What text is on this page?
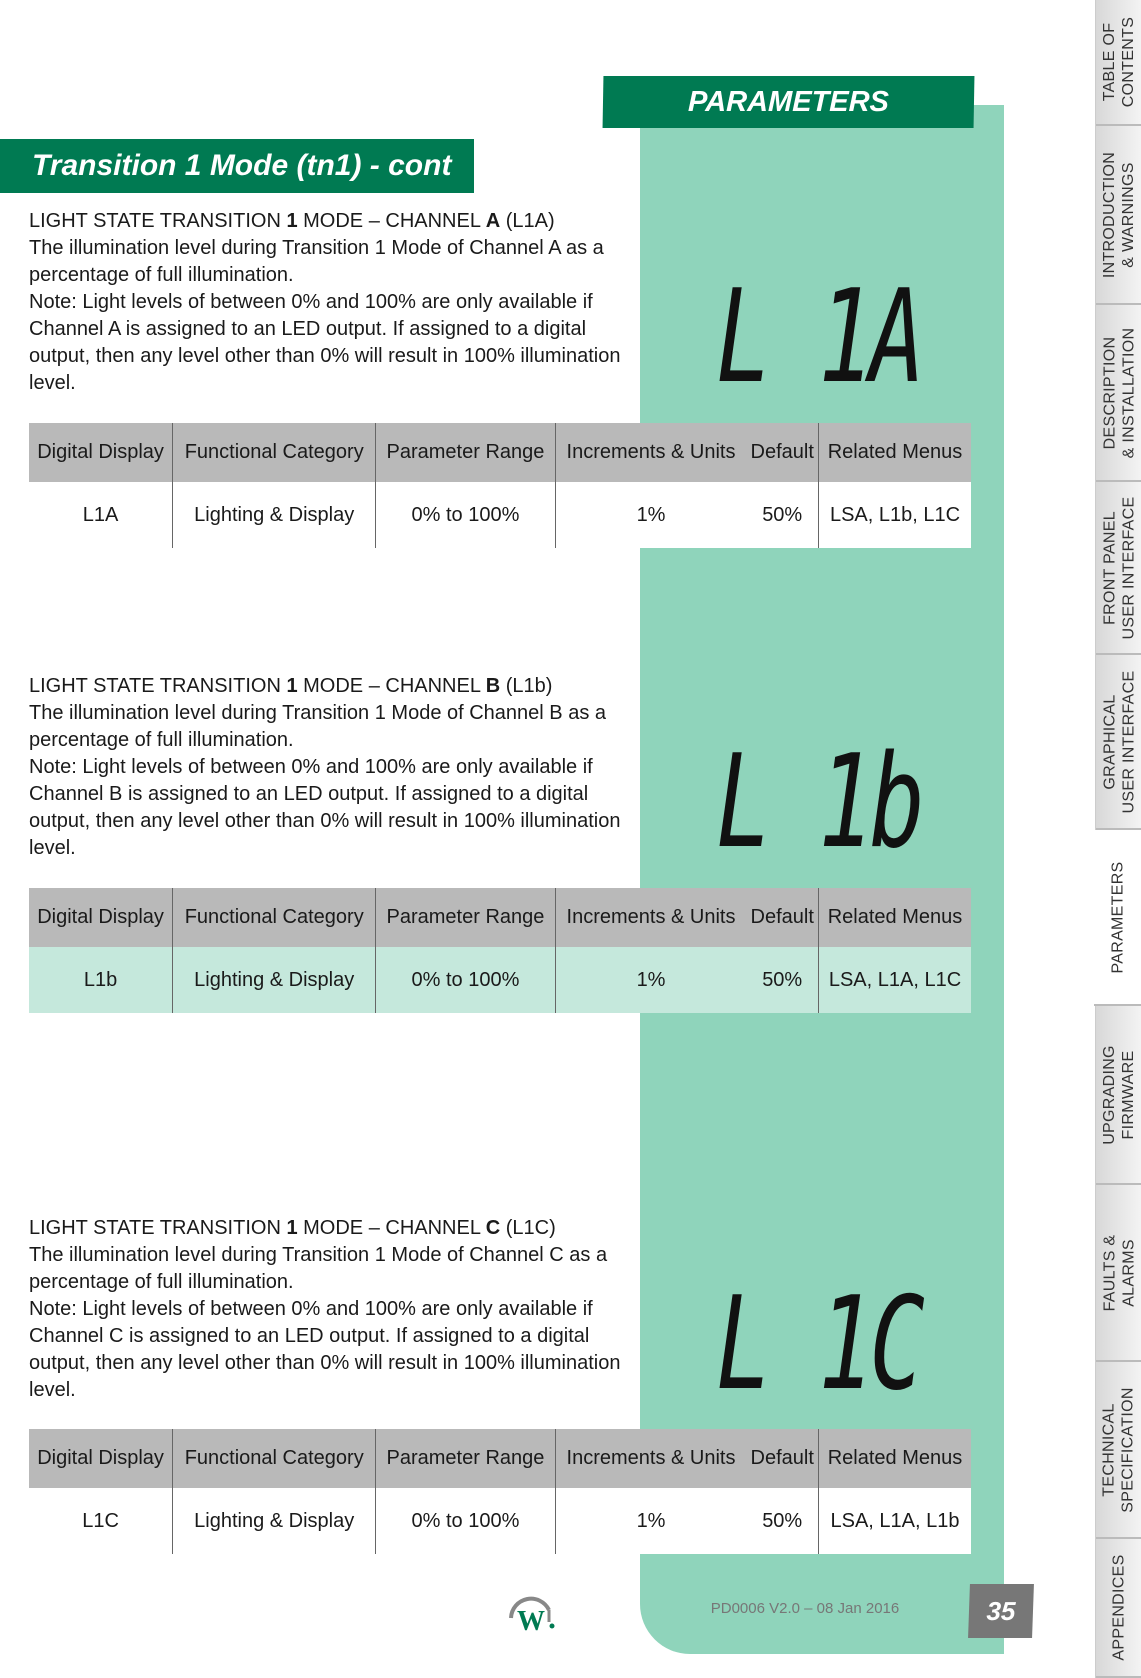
PARAMETERS
Transition 1 Mode (tn1) - cont
LIGHT STATE TRANSITION 1 MODE – CHANNEL A (L1A)
The illumination level during Transition 1 Mode of Channel A as a percentage of full illumination.
Note: Light levels of between 0% and 100% are only available if Channel A is assigned to an LED output. If assigned to a digital output, then any level other than 0% will result in 100% illumination level.	L 1A
Digital Display	Functional Category	Parameter Range	Increments & Units	Default	Related Menus
L1A	Lighting & Display	0% to 100%	1%	50%	LSA, L1b, L1C
LIGHT STATE TRANSITION 1 MODE – CHANNEL B (L1b)
The illumination level during Transition 1 Mode of Channel B as a percentage of full illumination.
Note: Light levels of between 0% and 100% are only available if Channel B is assigned to an LED output. If assigned to a digital output, then any level other than 0% will result in 100% illumination level.	L 1b
Digital Display	Functional Category	Parameter Range	Increments & Units	Default	Related Menus
L1b	Lighting & Display	0% to 100%	1%	50%	LSA, L1A, L1C
LIGHT STATE TRANSITION 1 MODE – CHANNEL C (L1C)
The illumination level during Transition 1 Mode of Channel C as a percentage of full illumination.
Note: Light levels of between 0% and 100% are only available if Channel C is assigned to an LED output. If assigned to a digital output, then any level other than 0% will result in 100% illumination level.	L 1C
Digital Display	Functional Category	Parameter Range	Increments & Units	Default	Related Menus
L1C	Lighting & Display	0% to 100%	1%	50%	LSA, L1A, L1b
W	PD0006 V2.0 – 08 Jan 2016	35
TABLE OF CONTENTS
INTRODUCTION & WARNINGS
DESCRIPTION & INSTALLATION
FRONT PANEL USER INTERFACE
GRAPHICAL USER INTERFACE
PARAMETERS
UPGRADING FIRMWARE
FAULTS & ALARMS
TECHNICAL SPECIFICATION
APPENDICES
